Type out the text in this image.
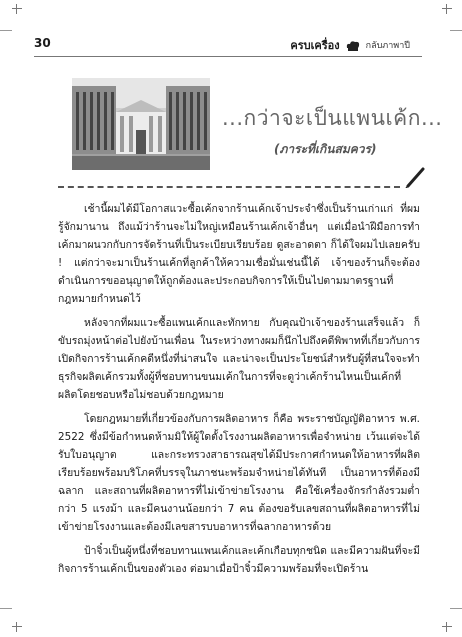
30	ครบเครื่อง	กลับภาพาปี
...กว่าจะเป็นแพนเค้ก...
(ภาระที่เกินสมควร)

เช้านี้ผมได้มีโอกาสแวะซื้อเค้กจากร้านเค้กเจ้าประจำซึ่งเป็นร้านเก่าแก่ ที่ผมรู้จักมานาน ถึงแม้ว่าร้านจะไม่ใหญ่เหมือนร้านเค้กเจ้าอื่นๆ แต่เมื่อนำฝีมือการทำเค้กมาผนวกกับการจัดร้านที่เป็นระเบียบเรียบร้อย ดูสะอาดตา ก็ได้ใจผมไปเลยครับ ! แต่กว่าจะมาเป็นร้านเค้กที่ลูกค้าให้ความเชื่อมั่นเช่นนี้ได้ เจ้าของร้านก็จะต้องดำเนินการขออนุญาตให้ถูกต้องและประกอบกิจการให้เป็นไปตามมาตรฐานที่กฎหมายกำหนดไว้

หลังจากที่ผมแวะซื้อแพนเค้กและทักทาย กับคุณป้าเจ้าของร้านเสร็จแล้ว ก็ขับรถมุ่งหน้าต่อไปยังบ้านเพื่อน ในระหว่างทางผมก็นึกไปถึงคดีพิพาทที่เกี่ยวกับการเปิดกิจการร้านเค้กคดีหนึ่งที่น่าสนใจ และน่าจะเป็นประโยชน์สำหรับผู้ที่สนใจจะทำธุรกิจผลิตเค้กรวมทั้งผู้ที่ชอบทานขนมเค้กในการที่จะดูว่าเค้กร้านไหนเป็นเค้กที่ผลิตโดยชอบหรือไม่ชอบด้วยกฎหมาย

โดยกฎหมายที่เกี่ยวข้องกับการผลิตอาหาร ก็คือ พระราชบัญญัติอาหาร พ.ศ. 2522 ซึ่งมีข้อกำหนดห้ามมิให้ผู้ใดตั้งโรงงานผลิตอาหารเพื่อจำหน่าย เว้นแต่จะได้รับใบอนุญาต และกระทรวงสาธารณสุขได้มีประกาศกำหนดให้อาหารที่ผลิตเรียบร้อยพร้อมบริโภคที่บรรจุในภาชนะพร้อมจำหน่ายได้ทันที เป็นอาหารที่ต้องมีฉลาก และสถานที่ผลิตอาหารที่ไม่เข้าข่ายโรงงาน คือใช้เครื่องจักรกำลังรวมต่ำกว่า 5 แรงม้า และมีคนงานน้อยกว่า 7 คน ต้องขอรับเลขสถานที่ผลิตอาหารที่ไม่เข้าข่ายโรงงานและต้องมีเลขสารบบอาหารที่ฉลากอาหารด้วย

ป้าจิ๋วเป็นผู้หนึ่งที่ชอบทานแพนเค้กและเค้กเกือบทุกชนิด และมีความฝันที่จะมีกิจการร้านเค้กเป็นของตัวเอง ต่อมาเมื่อป้าจิ๋วมีความพร้อมที่จะเปิดร้าน
